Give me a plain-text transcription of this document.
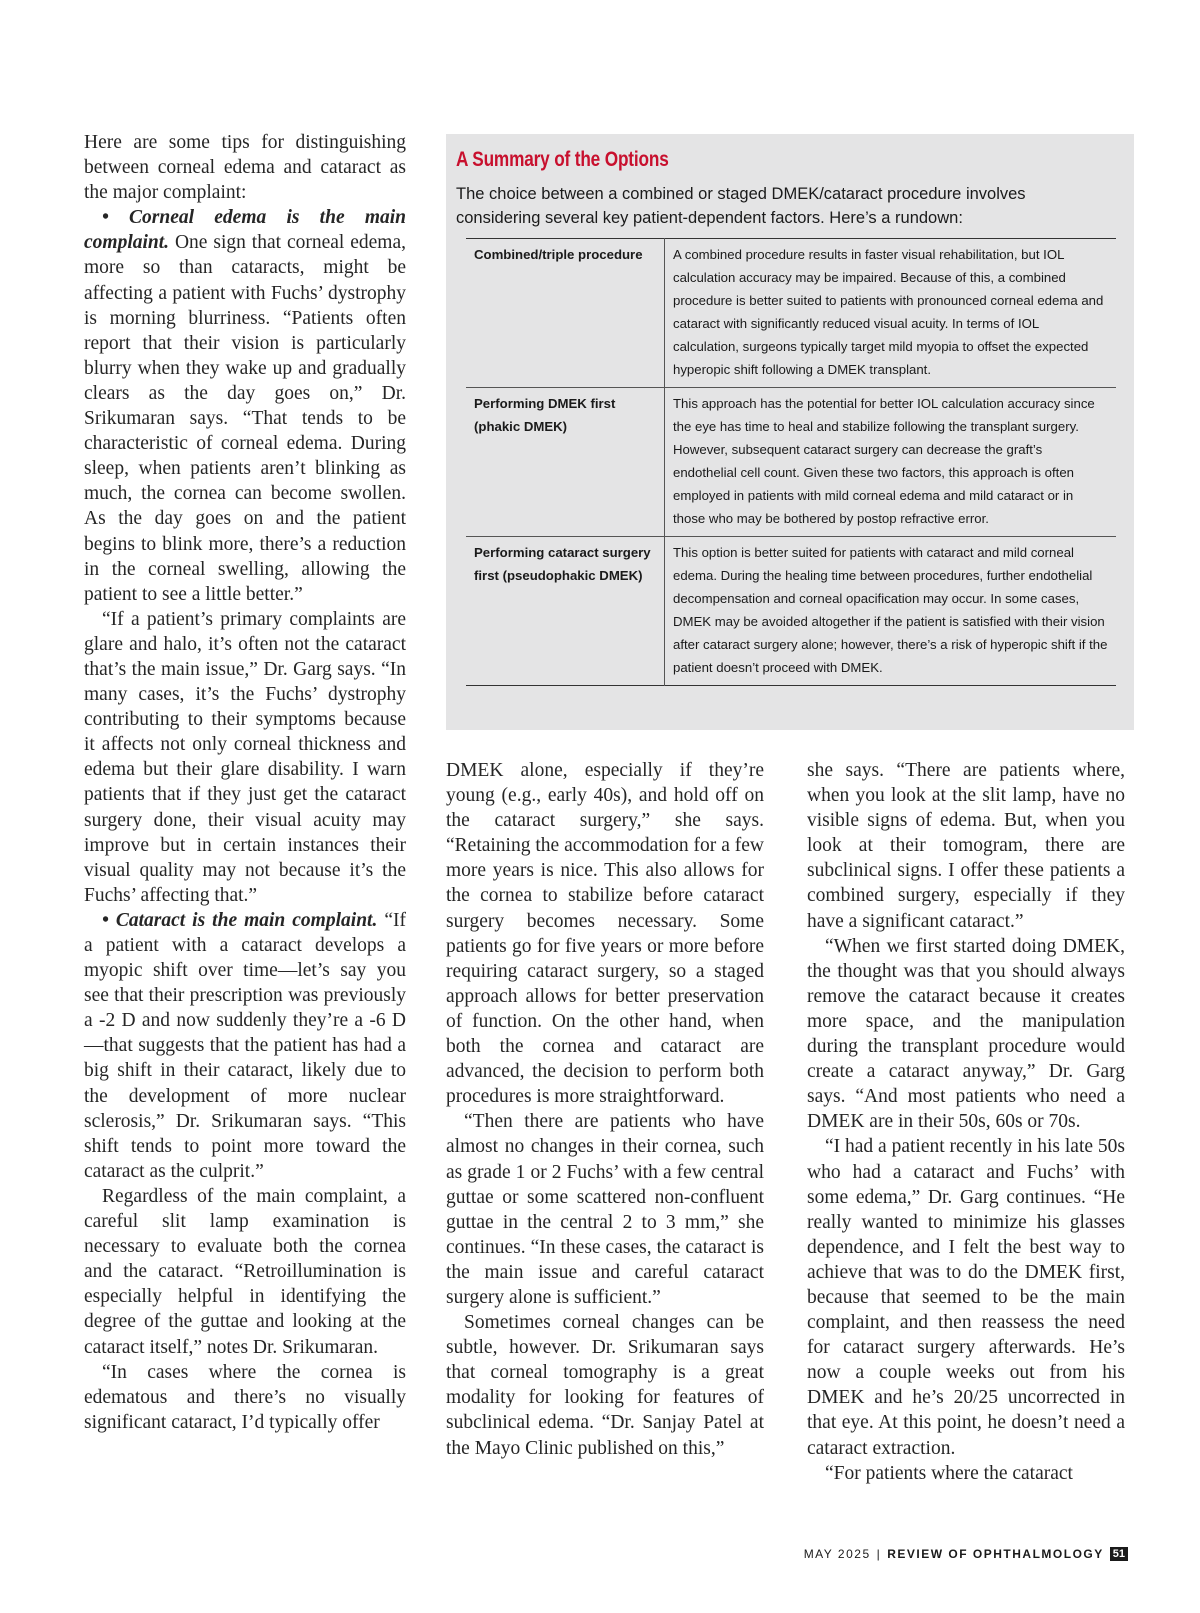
Here are some tips for distinguishing between corneal edema and cataract as the major complaint:

• Corneal edema is the main complaint. One sign that corneal edema, more so than cataracts, might be affecting a patient with Fuchs’ dystrophy is morning blurriness. “Patients often report that their vision is particularly blurry when they wake up and gradually clears as the day goes on,” Dr. Srikumaran says. “That tends to be characteristic of corneal edema. During sleep, when patients aren’t blinking as much, the cornea can become swollen. As the day goes on and the patient begins to blink more, there’s a reduction in the corneal swelling, allowing the patient to see a little better.”

“If a patient’s primary complaints are glare and halo, it’s often not the cataract that’s the main issue,” Dr. Garg says. “In many cases, it’s the Fuchs’ dystrophy contributing to their symptoms because it affects not only corneal thickness and edema but their glare disability. I warn patients that if they just get the cataract surgery done, their visual acuity may improve but in certain instances their visual quality may not because it’s the Fuchs’ affecting that.”

• Cataract is the main complaint. “If a patient with a cataract develops a myopic shift over time—let’s say you see that their prescription was previously a -2 D and now suddenly they’re a -6 D—that suggests that the patient has had a big shift in their cataract, likely due to the development of more nuclear sclerosis,” Dr. Srikumaran says. “This shift tends to point more toward the cataract as the culprit.”

Regardless of the main complaint, a careful slit lamp examination is necessary to evaluate both the cornea and the cataract. “Retroillumination is especially helpful in identifying the degree of the guttae and looking at the cataract itself,” notes Dr. Srikumaran.

“In cases where the cornea is edematous and there’s no visually significant cataract, I’d typically offer

A Summary of the Options
The choice between a combined or staged DMEK/cataract procedure involves considering several key patient-dependent factors. Here’s a rundown:
Combined/triple procedure	A combined procedure results in faster visual rehabilitation, but IOL calculation accuracy may be impaired. Because of this, a combined procedure is better suited to patients with pronounced corneal edema and cataract with significantly reduced visual acuity. In terms of IOL calculation, surgeons typically target mild myopia to offset the expected hyperopic shift following a DMEK transplant.
Performing DMEK first (phakic DMEK)	This approach has the potential for better IOL calculation accuracy since the eye has time to heal and stabilize following the transplant surgery. However, subsequent cataract surgery can decrease the graft’s endothelial cell count. Given these two factors, this approach is often employed in patients with mild corneal edema and mild cataract or in those who may be bothered by postop refractive error.
Performing cataract surgery first (pseudophakic DMEK)	This option is better suited for patients with cataract and mild corneal edema. During the healing time between procedures, further endothelial decompensation and corneal opacification may occur. In some cases, DMEK may be avoided altogether if the patient is satisfied with their vision after cataract surgery alone; however, there’s a risk of hyperopic shift if the patient doesn’t proceed with DMEK.

DMEK alone, especially if they’re young (e.g., early 40s), and hold off on the cataract surgery,” she says. “Retaining the accommodation for a few more years is nice. This also allows for the cornea to stabilize before cataract surgery becomes necessary. Some patients go for five years or more before requiring cataract surgery, so a staged approach allows for better preservation of function. On the other hand, when both the cornea and cataract are advanced, the decision to perform both procedures is more straightforward.

“Then there are patients who have almost no changes in their cornea, such as grade 1 or 2 Fuchs’ with a few central guttae or some scattered non-confluent guttae in the central 2 to 3 mm,” she continues. “In these cases, the cataract is the main issue and careful cataract surgery alone is sufficient.”

Sometimes corneal changes can be subtle, however. Dr. Srikumaran says that corneal tomography is a great modality for looking for features of subclinical edema. “Dr. Sanjay Patel at the Mayo Clinic published on this,”

she says. “There are patients where, when you look at the slit lamp, have no visible signs of edema. But, when you look at their tomogram, there are subclinical signs. I offer these patients a combined surgery, especially if they have a significant cataract.”

“When we first started doing DMEK, the thought was that you should always remove the cataract because it creates more space, and the manipulation during the transplant procedure would create a cataract anyway,” Dr. Garg says. “And most patients who need a DMEK are in their 50s, 60s or 70s.

“I had a patient recently in his late 50s who had a cataract and Fuchs’ with some edema,” Dr. Garg continues. “He really wanted to minimize his glasses dependence, and I felt the best way to achieve that was to do the DMEK first, because that seemed to be the main complaint, and then reassess the need for cataract surgery afterwards. He’s now a couple weeks out from his DMEK and he’s 20/25 uncorrected in that eye. At this point, he doesn’t need a cataract extraction.

“For patients where the cataract

MAY 2025 | REVIEW OF OPHTHALMOLOGY 51
